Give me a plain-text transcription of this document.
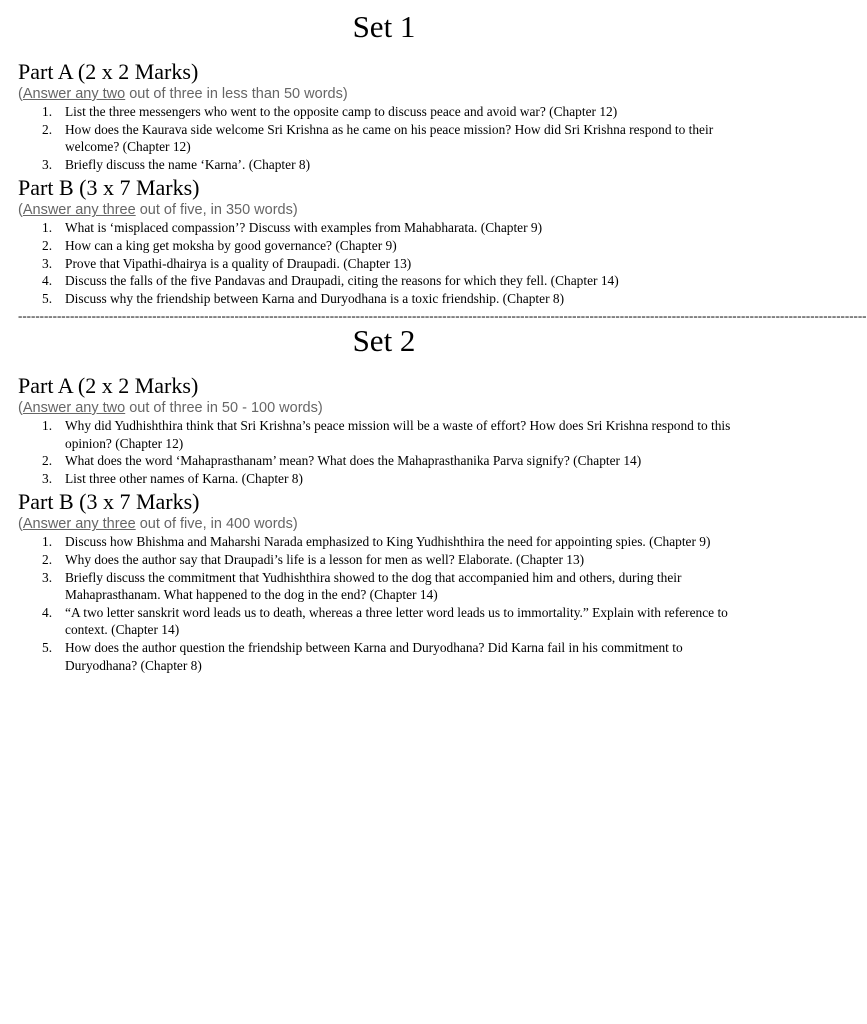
Set 1
Part A (2 x 2 Marks)

(Answer any two out of three in less than 50 words)

1. List the three messengers who went to the opposite camp to discuss peace and avoid war? (Chapter 12)
2. How does the Kaurava side welcome Sri Krishna as he came on his peace mission? How did Sri Krishna respond to their welcome? (Chapter 12)
3. Briefly discuss the name ‘Karna’. (Chapter 8)
Part B (3 x 7 Marks)

(Answer any three out of five, in 350 words)

1. What is ‘misplaced compassion’? Discuss with examples from Mahabharata. (Chapter 9)
2. How can a king get moksha by good governance? (Chapter 9)
3. Prove that Vipathi-dhairya is a quality of Draupadi. (Chapter 13)
4. Discuss the falls of the five Pandavas and Draupadi, citing the reasons for which they fell. (Chapter 14)
5. Discuss why the friendship between Karna and Duryodhana is a toxic friendship. (Chapter 8)
----------------------------------------------------------------------------------------------------------------------------------------------------------------------------------------------------
Set 2
Part A (2 x 2 Marks)

(Answer any two out of three in 50 - 100 words)

1. Why did Yudhishthira think that Sri Krishna’s peace mission will be a waste of effort? How does Sri Krishna respond to this opinion? (Chapter 12)
2. What does the word ‘Mahaprasthanam’ mean? What does the Mahaprasthanika Parva signify? (Chapter 14)
3. List three other names of Karna. (Chapter 8)
Part B (3 x 7 Marks)

(Answer any three out of five, in 400 words)

1. Discuss how Bhishma and Maharshi Narada emphasized to King Yudhishthira the need for appointing spies. (Chapter 9)
2. Why does the author say that Draupadi’s life is a lesson for men as well? Elaborate. (Chapter 13)
3. Briefly discuss the commitment that Yudhishthira showed to the dog that accompanied him and others, during their Mahaprasthanam. What happened to the dog in the end? (Chapter 14)
4. “A two letter sanskrit word leads us to death, whereas a three letter word leads us to immortality.” Explain with reference to context. (Chapter 14)
5. How does the author question the friendship between Karna and Duryodhana? Did Karna fail in his commitment to Duryodhana? (Chapter 8)
